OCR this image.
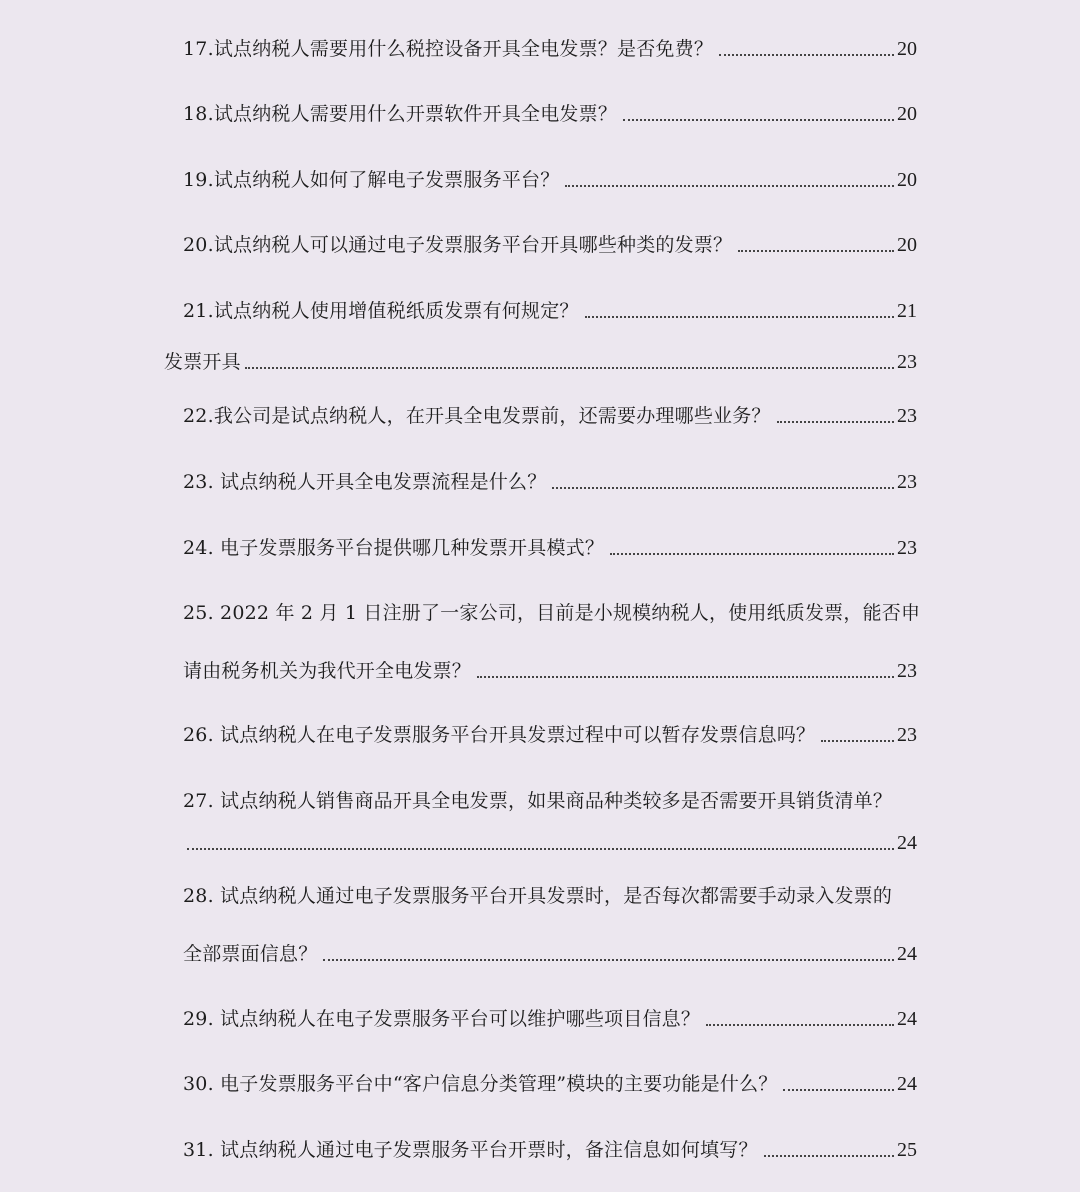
17.试点纳税人需要用什么税控设备开具全电发票？是否免费？	20
18.试点纳税人需要用什么开票软件开具全电发票？	20
19.试点纳税人如何了解电子发票服务平台？	20
20.试点纳税人可以通过电子发票服务平台开具哪些种类的发票？	20
21.试点纳税人使用增值税纸质发票有何规定？	21
发票开具	23
22.我公司是试点纳税人，在开具全电发票前，还需要办理哪些业务？	23
23. 试点纳税人开具全电发票流程是什么？	23
24. 电子发票服务平台提供哪几种发票开具模式？	23
25. 2022 年 2 月 1 日注册了一家公司，目前是小规模纳税人，使用纸质发票，能否申
请由税务机关为我代开全电发票？	23
26. 试点纳税人在电子发票服务平台开具发票过程中可以暂存发票信息吗？	23
27. 试点纳税人销售商品开具全电发票，如果商品种类较多是否需要开具销货清单？
24
28. 试点纳税人通过电子发票服务平台开具发票时，是否每次都需要手动录入发票的
全部票面信息？	24
29. 试点纳税人在电子发票服务平台可以维护哪些项目信息？	24
30. 电子发票服务平台中“客户信息分类管理”模块的主要功能是什么？	24
31. 试点纳税人通过电子发票服务平台开票时，备注信息如何填写？	25
